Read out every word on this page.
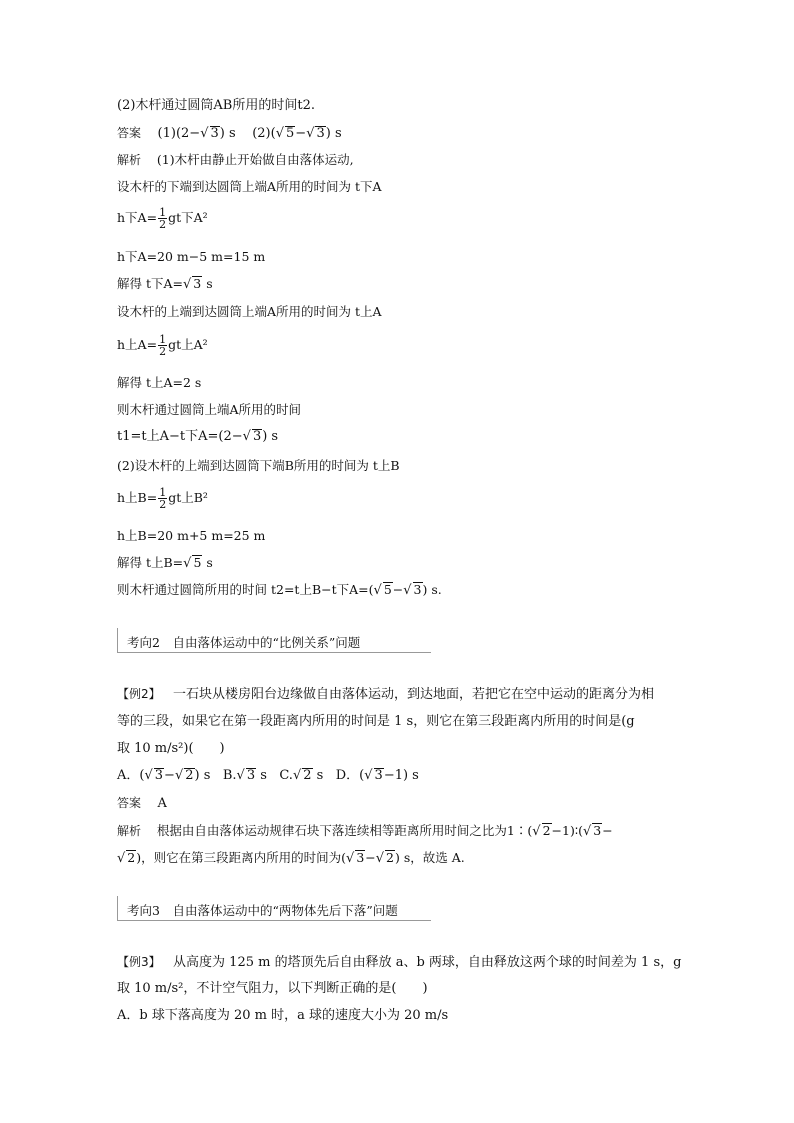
(2)木杆通过圆筒AB所用的时间t2.
答案 (1)(2−√ 3) s (2)(√ 5−√ 3) s
解析 (1)木杆由静止开始做自由落体运动,
设木杆的下端到达圆筒上端A所用的时间为 t下A
h下$A= \frac{1}{2}$ gt下A²
h下A=20 m−5 m=15 m
解得 t下A=√ 3 s
设木杆的上端到达圆筒上端A所用的时间为 t上A
h上$A= \frac{1}{2}$ gt上A²
解得 t上A=2 s
则木杆通过圆筒上端A所用的时间
t1=t上A−t下A=(2−√ 3) s
(2)设木杆的上端到达圆筒下端B所用的时间为 t上B
h上$B= \frac{1}{2}$ gt上B²
h上B=20 m+5 m=25 m
解得 t上B=√ 5 s
则木杆通过圆筒所用的时间 t2=t上B−t下A=(√ 5−√ 3) s.
考向2　自由落体运动中的“比例关系”问题
【例2】 一石块从楼房阳台边缘做自由落体运动，到达地面，若把它在空中运动的距离分为相
等的三段，如果它在第一段距离内所用的时间是 1 s，则它在第三段距离内所用的时间是(g
取 10 m/s²)(　　)
A．(√ 3−√ 2) s B.√ 3 s C.√ 2 s D．(√ 3−1) s
答案 A
解析 根据由自由落体运动规律石块下落连续相等距离所用时间之比为1∶(√ 2−1)∶(√ 3−
√ 2)，则它在第三段距离内所用的时间为(√ 3−√ 2) s，故选 A.
考向3　自由落体运动中的“两物体先后下落”问题
【例3】 从高度为 125 m 的塔顶先后自由释放 a、b 两球，自由释放这两个球的时间差为 1 s，g
取 10 m/s²，不计空气阻力，以下判断正确的是(　　)
A．b 球下落高度为 20 m 时，a 球的速度大小为 20 m/s
